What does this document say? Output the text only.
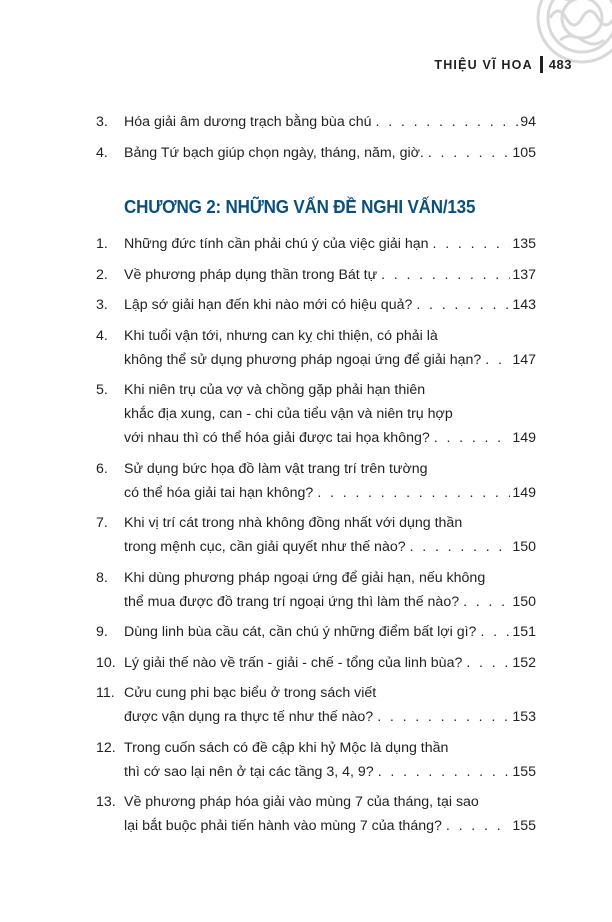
THIỆU VĨ HOA 483
3. Hóa giải âm dương trạch bằng bùa chú . . .	94
4. Bảng Tứ bạch giúp chọn ngày, tháng, năm, giờ. . . .	105
CHƯƠNG 2: NHỮNG VẤN ĐỀ NGHI VẤN/135
1. Những đức tính cần phải chú ý của việc giải hạn . . .	135
2. Về phương pháp dụng thần trong Bát tự . . .	137
3. Lập sớ giải hạn đến khi nào mới có hiệu quả? . . .	143
4. Khi tuổi vận tới, nhưng can kỵ chi thiện, có phải là
không thể sử dụng phương pháp ngoại ứng để giải hạn? . . . 147
5. Khi niên trụ của vợ và chồng gặp phải hạn thiên
khắc địa xung, can - chi của tiểu vận và niên trụ hợp
với nhau thì có thể hóa giải được tai họa không? . . .	149
6. Sử dụng bức họa đồ làm vật trang trí trên tường
có thể hóa giải tai hạn không? . . .	149
7. Khi vị trí cát trong nhà không đồng nhất với dụng thần
trong mệnh cục, cần giải quyết như thế nào? . . .	150
8. Khi dùng phương pháp ngoại ứng để giải hạn, nếu không
thể mua được đồ trang trí ngoại ứng thì làm thế nào? . . .	150
9. Dùng linh bùa cầu cát, cần chú ý những điểm bất lợi gì? . . .	151
10. Lý giải thế nào về trấn - giải - chế - tổng của linh bùa? . . .	152
11. Cửu cung phi bạc biểu ở trong sách viết
được vận dụng ra thực tế như thế nào? . . .	153
12. Trong cuốn sách có đề cập khi hỷ Mộc là dụng thần
thì cớ sao lại nên ở tại các tầng 3, 4, 9? . . .	155
13. Về phương pháp hóa giải vào mùng 7 của tháng, tại sao
lại bắt buộc phải tiến hành vào mùng 7 của tháng? . . .	155
